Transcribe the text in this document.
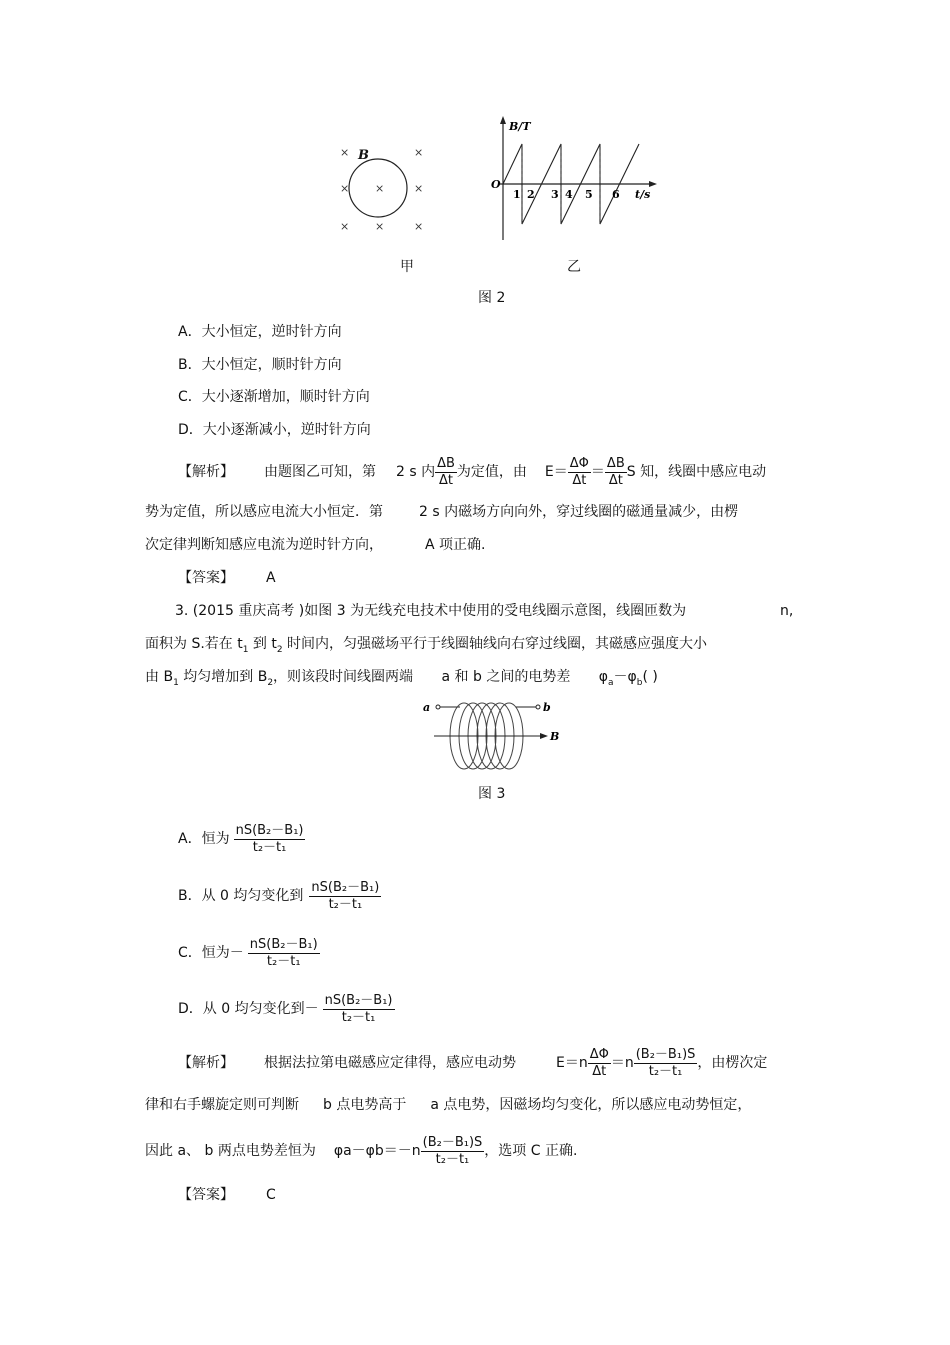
× B	×
× ×	×
× ×	×
B/T
t/s
O
1 2 3 4 5 6
甲	乙
图 2
A．大小恒定，逆时针方向
B．大小恒定，顺时针方向
C．大小逐渐增加，顺时针方向
D．大小逐渐减小，逆时针方向
【解析】 由题图乙可知，第 2 s 内 $\frac{\Delta B}{\Delta t}$ 为定值，由 $E= \frac{\Delta\Phi}{\Delta t} = \frac{\Delta B}{\Delta t}$ S 知，线圈中感应电动
势为定值，所以感应电流大小恒定．第	2 s 内磁场方向向外，穿过线圈的磁通量减少，由楞
次定律判断知感应电流为逆时针方向，	A 项正确.
【答案】 A
3. (2015 重庆高考 )如图 3 为无线充电技术中使用的受电线圈示意图，线圈匝数为	n,
面积为 S.若在 $t_1$ 到 $t_2$ 时间内，匀强磁场平行于线圈轴线向右穿过线圈，其磁感应强度大小
由 $B_1$ 均匀增加到 $B_2$，则该段时间线圈两端 a 和 b 之间的电势差 $\varphi_a-\varphi_b$( )
a	b
B
图 3
A．恒为 $\frac{\text{nS(B₂－B₁)}}{\text{t₂－t₁}}$
B．从 0 均匀变化到 $\frac{\text{nS(B₂－B₁)}}{\text{t₂－t₁}}$
C．恒为－ $\frac{\text{nS(B₂－B₁)}}{\text{t₂－t₁}}$
D．从 0 均匀变化到－ $\frac{\text{nS(B₂－B₁)}}{\text{t₂－t₁}}$
【解析】 根据法拉第电磁感应定律得，感应电动势	$E=n \frac{\Delta\Phi}{\Delta t} =n \frac{\text{(B₂－B₁)S}}{\text{t₂－t₁}}$ ，由楞次定
律和右手螺旋定则可判断 b 点电势高于 a 点电势，因磁场均匀变化，所以感应电动势恒定，
因此 a、 b 两点电势差恒为 $\varphi a-\varphi b=-n \frac{\text{(B₂－B₁)S}}{\text{t₂－t₁}}$ ，选项 C 正确.
【答案】 C
